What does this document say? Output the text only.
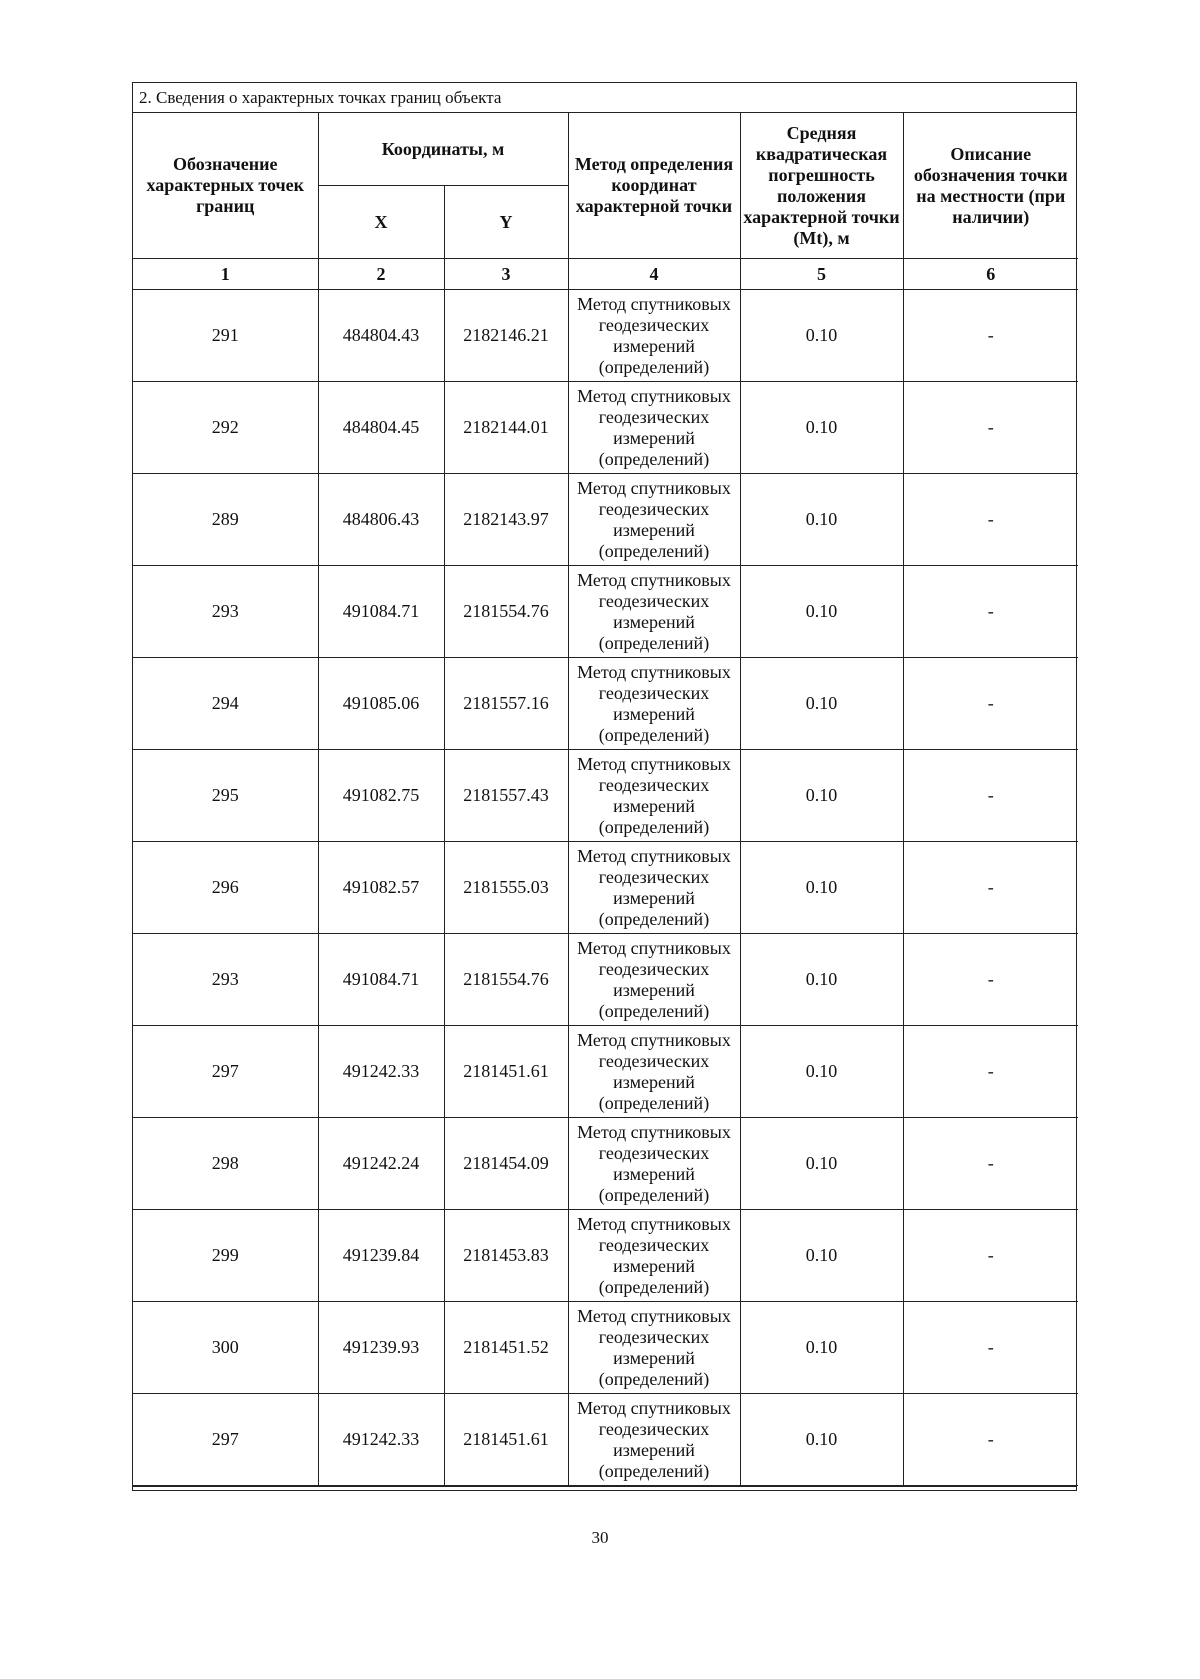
2. Сведения о характерных точках границ объекта
Обозначение характерных точек границ	Координаты, м		Метод определения координат характерной точки	Средняя квадратическая погрешность положения характерной точки (Mt), м	Описание обозначения точки на местности (при наличии)
	X	Y			
1	2	3	4	5	6
291	484804.43	2182146.21	Метод спутниковых геодезических измерений (определений)	0.10	-
292	484804.45	2182144.01	Метод спутниковых геодезических измерений (определений)	0.10	-
289	484806.43	2182143.97	Метод спутниковых геодезических измерений (определений)	0.10	-
293	491084.71	2181554.76	Метод спутниковых геодезических измерений (определений)	0.10	-
294	491085.06	2181557.16	Метод спутниковых геодезических измерений (определений)	0.10	-
295	491082.75	2181557.43	Метод спутниковых геодезических измерений (определений)	0.10	-
296	491082.57	2181555.03	Метод спутниковых геодезических измерений (определений)	0.10	-
293	491084.71	2181554.76	Метод спутниковых геодезических измерений (определений)	0.10	-
297	491242.33	2181451.61	Метод спутниковых геодезических измерений (определений)	0.10	-
298	491242.24	2181454.09	Метод спутниковых геодезических измерений (определений)	0.10	-
299	491239.84	2181453.83	Метод спутниковых геодезических измерений (определений)	0.10	-
300	491239.93	2181451.52	Метод спутниковых геодезических измерений (определений)	0.10	-
297	491242.33	2181451.61	Метод спутниковых геодезических измерений (определений)	0.10	-
30
